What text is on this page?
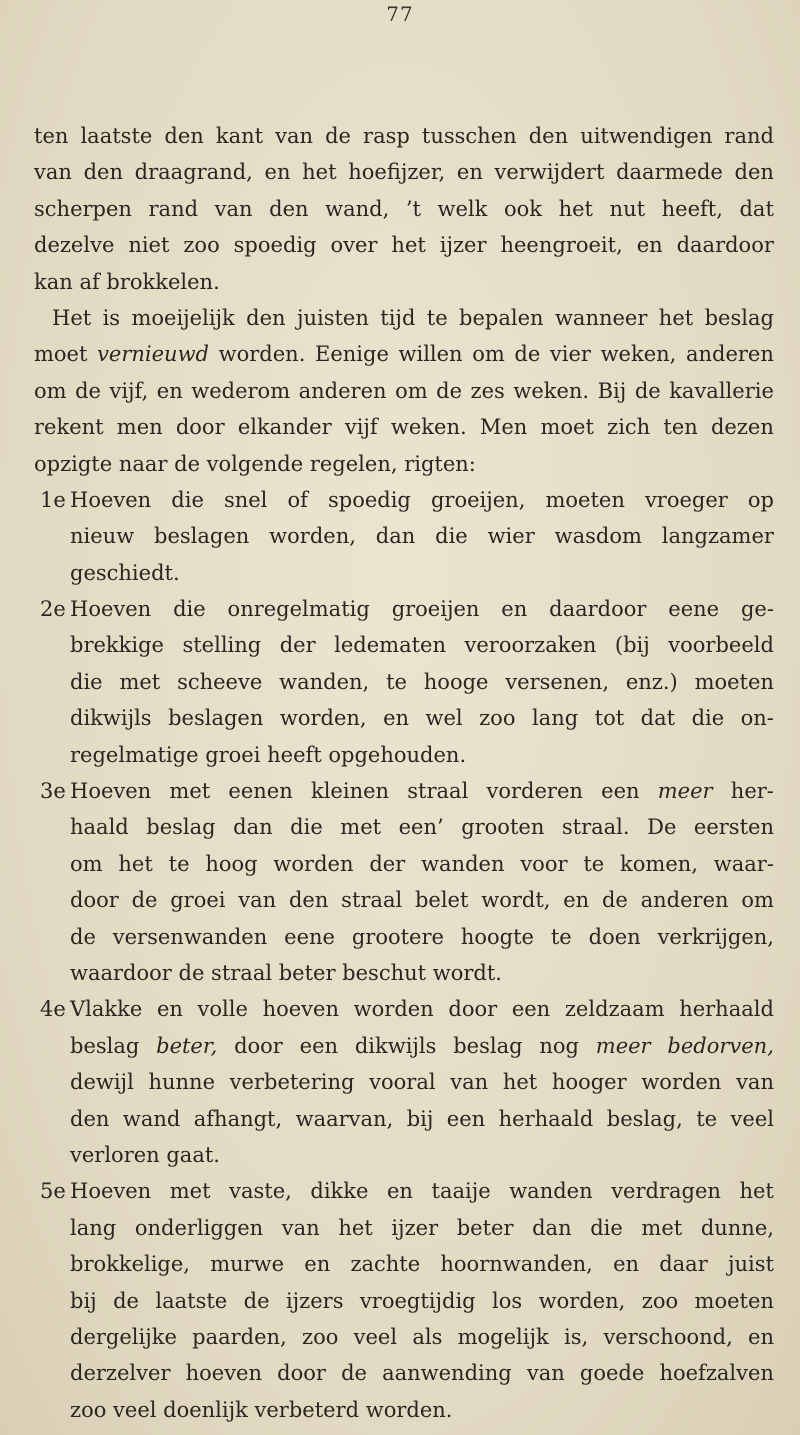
77
ten laatste den kant van de rasp tusschen den uitwendigen rand
van den draagrand, en het hoefijzer, en verwijdert daarmede den
scherpen rand van den wand, ’t welk ook het nut heeft, dat
dezelve niet zoo spoedig over het ijzer heengroeit, en daardoor
kan af brokkelen.
Het is moeijelijk den juisten tijd te bepalen wanneer het beslag
moet vernieuwd worden. Eenige willen om de vier weken, anderen
om de vijf, en wederom anderen om de zes weken. Bij de kavallerie
rekent men door elkander vijf weken. Men moet zich ten dezen
opzigte naar de volgende regelen, rigten:
1e Hoeven die snel of spoedig groeijen, moeten vroeger op
nieuw beslagen worden, dan die wier wasdom langzamer
geschiedt.
2e Hoeven die onregelmatig groeijen en daardoor eene ge-
brekkige stelling der ledematen veroorzaken (bij voorbeeld
die met scheeve wanden, te hooge versenen, enz.) moeten
dikwijls beslagen worden, en wel zoo lang tot dat die on-
regelmatige groei heeft opgehouden.
3e Hoeven met eenen kleinen straal vorderen een meer her-
haald beslag dan die met een’ grooten straal. De eersten
om het te hoog worden der wanden voor te komen, waar-
door de groei van den straal belet wordt, en de anderen om
de versenwanden eene grootere hoogte te doen verkrijgen,
waardoor de straal beter beschut wordt.
4e Vlakke en volle hoeven worden door een zeldzaam herhaald
beslag beter, door een dikwijls beslag nog meer bedorven,
dewijl hunne verbetering vooral van het hooger worden van
den wand afhangt, waarvan, bij een herhaald beslag, te veel
verloren gaat.
5e Hoeven met vaste, dikke en taaije wanden verdragen het
lang onderliggen van het ijzer beter dan die met dunne,
brokkelige, murwe en zachte hoornwanden, en daar juist
bij de laatste de ijzers vroegtijdig los worden, zoo moeten
dergelijke paarden, zoo veel als mogelijk is, verschoond, en
derzelver hoeven door de aanwending van goede hoefzalven
zoo veel doenlijk verbeterd worden.
